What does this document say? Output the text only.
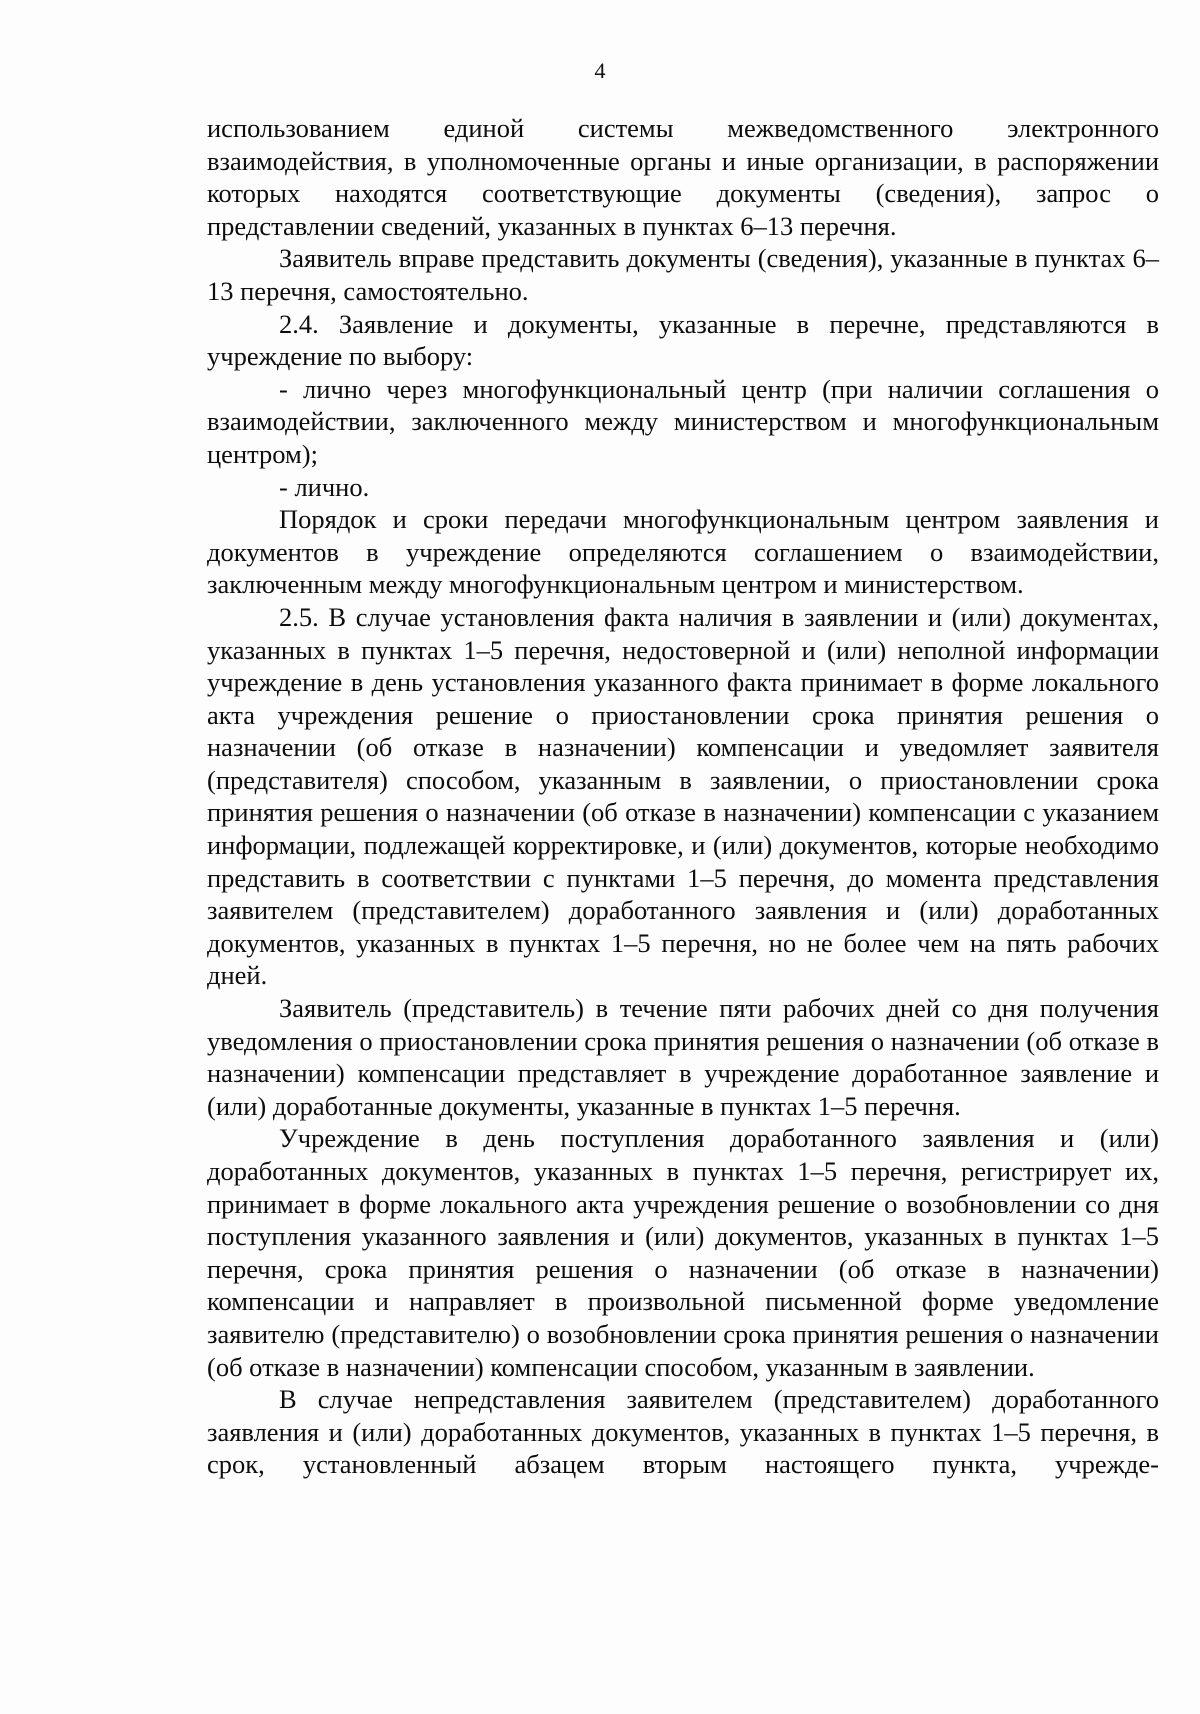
4

использованием единой системы межведомственного электронного взаимодействия, в уполномоченные органы и иные организации, в распоряжении которых находятся соответствующие документы (сведения), запрос о представлении сведений, указанных в пунктах 6–13 перечня.

Заявитель вправе представить документы (сведения), указанные в пунктах 6–13 перечня, самостоятельно.

2.4. Заявление и документы, указанные в перечне, представляются в учреждение по выбору:

- лично через многофункциональный центр (при наличии соглашения о взаимодействии, заключенного между министерством и многофункциональным центром);

- лично.

Порядок и сроки передачи многофункциональным центром заявления и документов в учреждение определяются соглашением о взаимодействии, заключенным между многофункциональным центром и министерством.

2.5. В случае установления факта наличия в заявлении и (или) документах, указанных в пунктах 1–5 перечня, недостоверной и (или) неполной информации учреждение в день установления указанного факта принимает в форме локального акта учреждения решение о приостановлении срока принятия решения о назначении (об отказе в назначении) компенсации и уведомляет заявителя (представителя) способом, указанным в заявлении, о приостановлении срока принятия решения о назначении (об отказе в назначении) компенсации с указанием информации, подлежащей корректировке, и (или) документов, которые необходимо представить в соответствии с пунктами 1–5 перечня, до момента представления заявителем (представителем) доработанного заявления и (или) доработанных документов, указанных в пунктах 1–5 перечня, но не более чем на пять рабочих дней.

Заявитель (представитель) в течение пяти рабочих дней со дня получения уведомления о приостановлении срока принятия решения о назначении (об отказе в назначении) компенсации представляет в учреждение доработанное заявление и (или) доработанные документы, указанные в пунктах 1–5 перечня.

Учреждение в день поступления доработанного заявления и (или) доработанных документов, указанных в пунктах 1–5 перечня, регистрирует их, принимает в форме локального акта учреждения решение о возобновлении со дня поступления указанного заявления и (или) документов, указанных в пунктах 1–5 перечня, срока принятия решения о назначении (об отказе в назначении) компенсации и направляет в произвольной письменной форме уведомление заявителю (представителю) о возобновлении срока принятия решения о назначении (об отказе в назначении) компенсации способом, указанным в заявлении.

В случае непредставления заявителем (представителем) доработанного заявления и (или) доработанных документов, указанных в пунктах 1–5 перечня, в срок, установленный абзацем вторым настоящего пункта, учрежде-
